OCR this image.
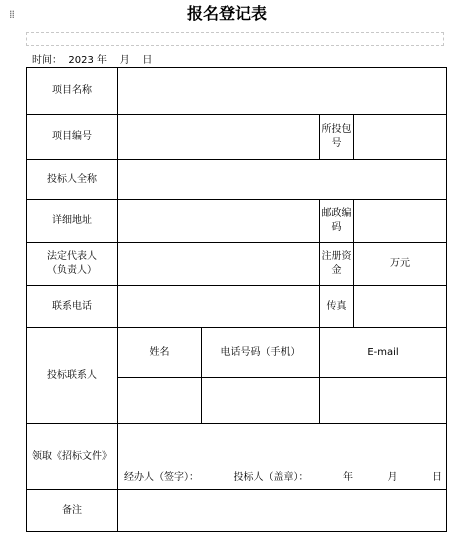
⁞⁞	报名登记表
时间：  2023 年    月    日
项目名称				
项目编号			所投包号	
投标人全称				
详细地址			邮政编码	

法定代表人
（负责人）			注册资金	万元
联系电话			传真	
投标联系人	姓名	电话号码（手机）	E-mail	

领取《招标文件》	经办人（签字）： 投标人（盖章）： 年 月 日			

备注				
